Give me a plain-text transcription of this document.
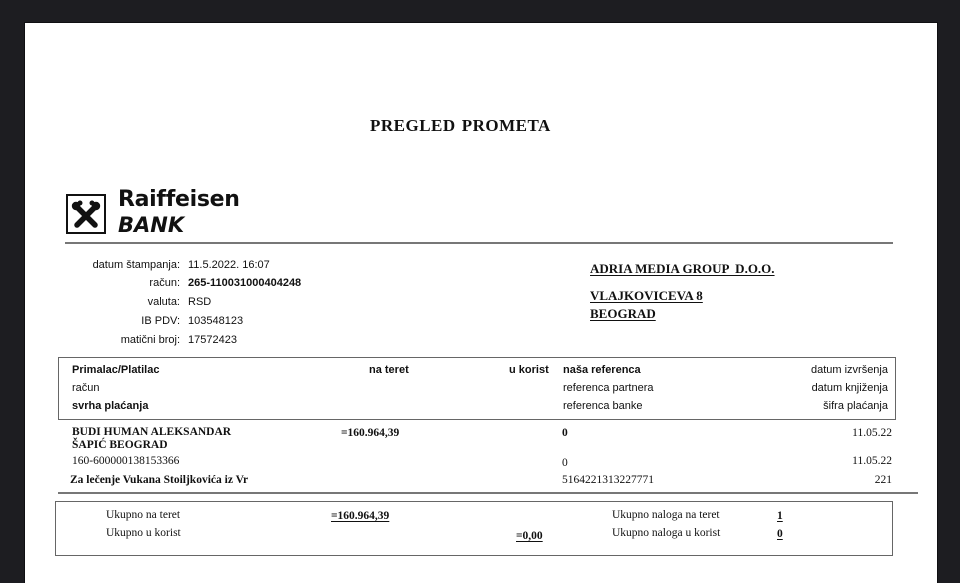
PREGLED PROMETA
Raiffeisen
BANK
datum štampanja: 11.5.2022. 16:07
račun: 265-110031000404248
valuta: RSD
IB PDV: 103548123
matični broj: 17572423
ADRIA MEDIA GROUP  D.O.O.
VLAJKOVICEVA 8
BEOGRAD
Primalac/Platilac
račun
svrha plaćanja
na teret	u korist naša referenca
referenca partnera
referenca banke
datum izvršenja
datum knjiženja
šifra plaćanja
BUDI HUMAN ALEKSANDAR
ŠAPIĆ BEOGRAD
160-600000138153366
Za lečenje Vukana Stoiljkovića iz Vr
=160.964,39	0
0
5164221313227771
11.05.22
11.05.22
221
Ukupno na teret
Ukupno u korist
=160.964,39
=0,00
Ukupno naloga na teret
Ukupno naloga u korist
1
0
